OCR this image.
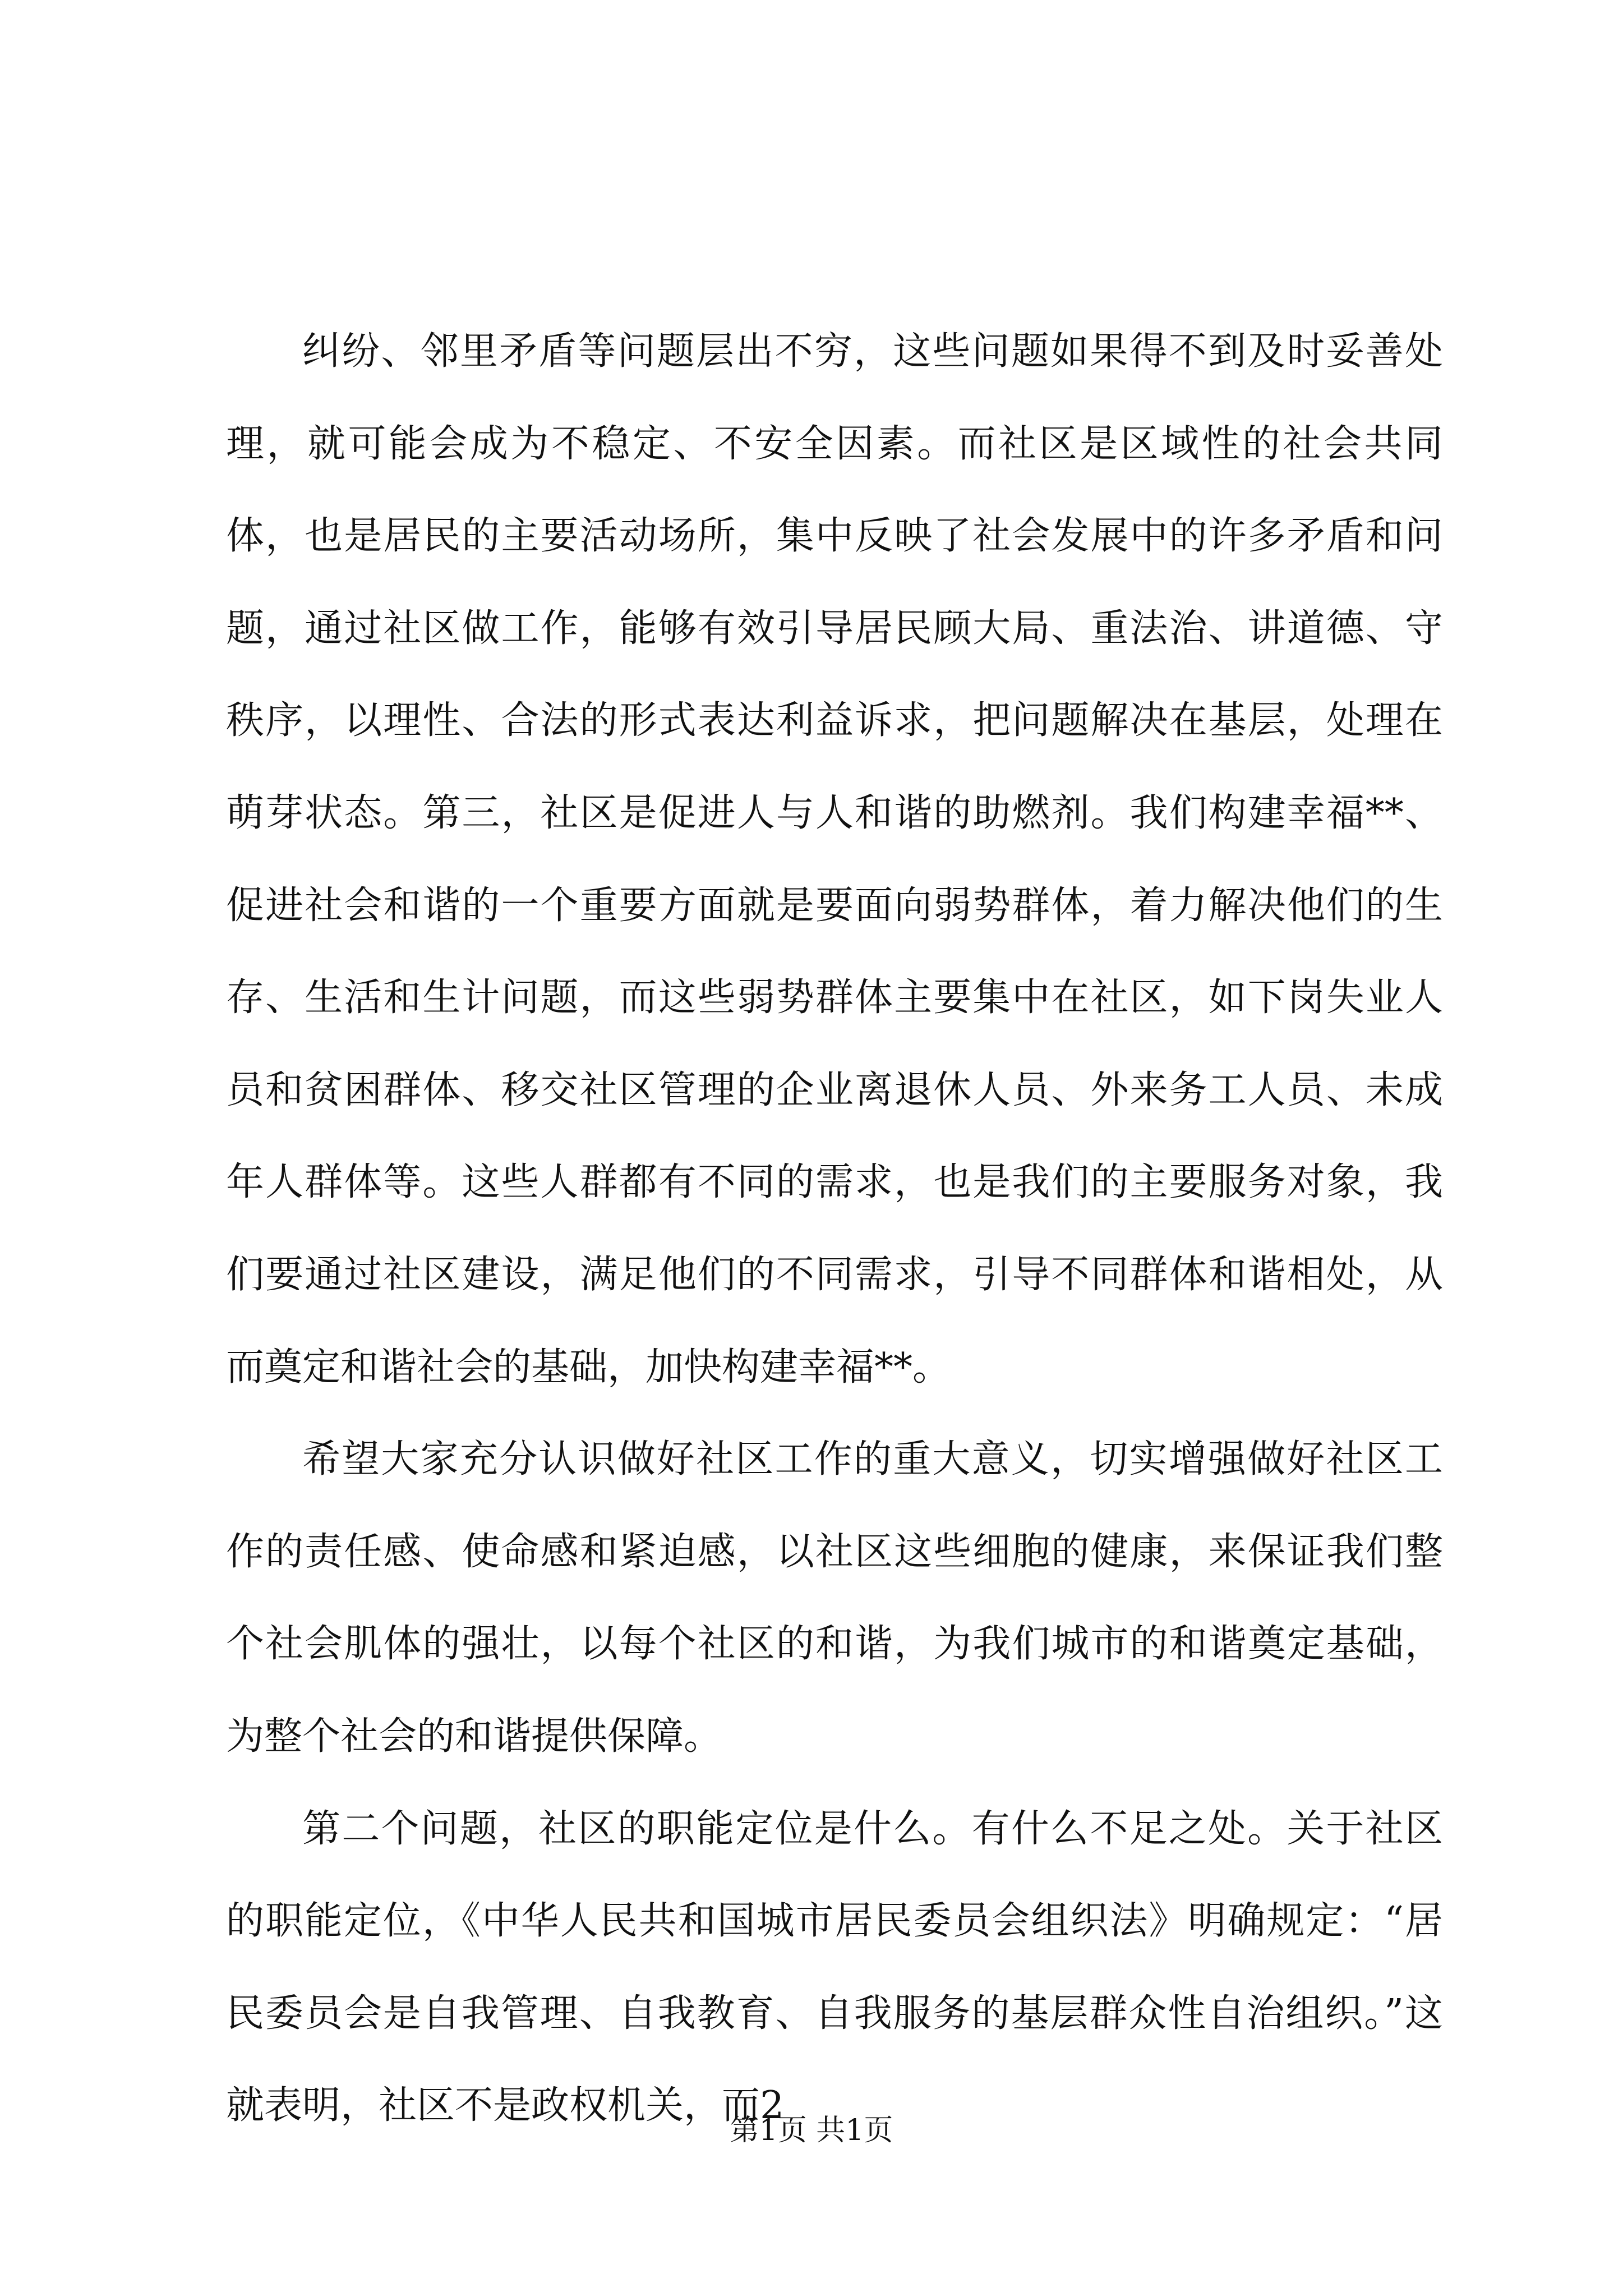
纠纷、邻里矛盾等问题层出不穷，这些问题如果得不到及时妥善处理，就可能会成为不稳定、不安全因素。而社区是区域性的社会共同体，也是居民的主要活动场所，集中反映了社会发展中的许多矛盾和问题，通过社区做工作，能够有效引导居民顾大局、重法治、讲道德、守秩序，以理性、合法的形式表达利益诉求，把问题解决在基层，处理在萌芽状态。第三，社区是促进人与人和谐的助燃剂。我们构建幸福**、促进社会和谐的一个重要方面就是要面向弱势群体，着力解决他们的生存、生活和生计问题，而这些弱势群体主要集中在社区，如下岗失业人员和贫困群体、移交社区管理的企业离退休人员、外来务工人员、未成年人群体等。这些人群都有不同的需求，也是我们的主要服务对象，我们要通过社区建设，满足他们的不同需求，引导不同群体和谐相处，从而奠定和谐社会的基础，加快构建幸福**。

希望大家充分认识做好社区工作的重大意义，切实增强做好社区工作的责任感、使命感和紧迫感，以社区这些细胞的健康，来保证我们整个社会肌体的强壮，以每个社区的和谐，为我们城市的和谐奠定基础，为整个社会的和谐提供保障。

第二个问题，社区的职能定位是什么。有什么不足之处。关于社区的职能定位，《中华人民共和国城市居民委员会组织法》明确规定：“居民委员会是自我管理、自我教育、自我服务的基层群众性自治组织。”这就表明，社区不是政权机关，而2

第1页 共1页
